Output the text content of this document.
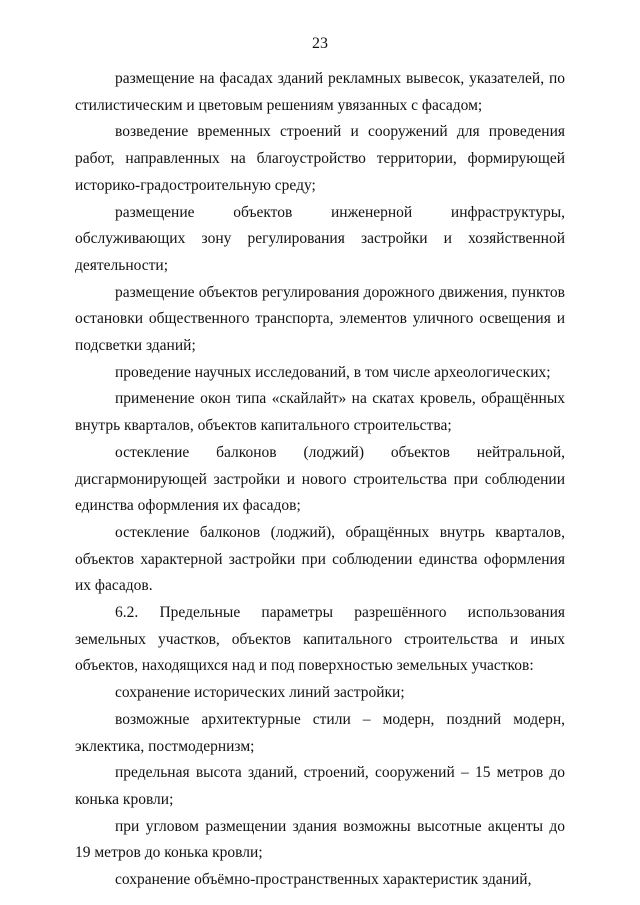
23

размещение на фасадах зданий рекламных вывесок, указателей, по стилистическим и цветовым решениям увязанных с фасадом;

возведение временных строений и сооружений для проведения работ, направленных на благоустройство территории, формирующей историко-градостроительную среду;

размещение объектов инженерной инфраструктуры, обслуживающих зону регулирования застройки и хозяйственной деятельности;

размещение объектов регулирования дорожного движения, пунктов остановки общественного транспорта, элементов уличного освещения и подсветки зданий;

проведение научных исследований, в том числе археологических;

применение окон типа «скайлайт» на скатах кровель, обращённых внутрь кварталов, объектов капитального строительства;

остекление балконов (лоджий) объектов нейтральной, дисгармонирующей застройки и нового строительства при соблюдении единства оформления их фасадов;

остекление балконов (лоджий), обращённых внутрь кварталов, объектов характерной застройки при соблюдении единства оформления их фасадов.

6.2. Предельные параметры разрешённого использования земельных участков, объектов капитального строительства и иных объектов, находящихся над и под поверхностью земельных участков:

сохранение исторических линий застройки;

возможные архитектурные стили – модерн, поздний модерн, эклектика, постмодернизм;

предельная высота зданий, строений, сооружений – 15 метров до конька кровли;

при угловом размещении здания возможны высотные акценты до 19 метров до конька кровли;

сохранение объёмно-пространственных характеристик зданий,
